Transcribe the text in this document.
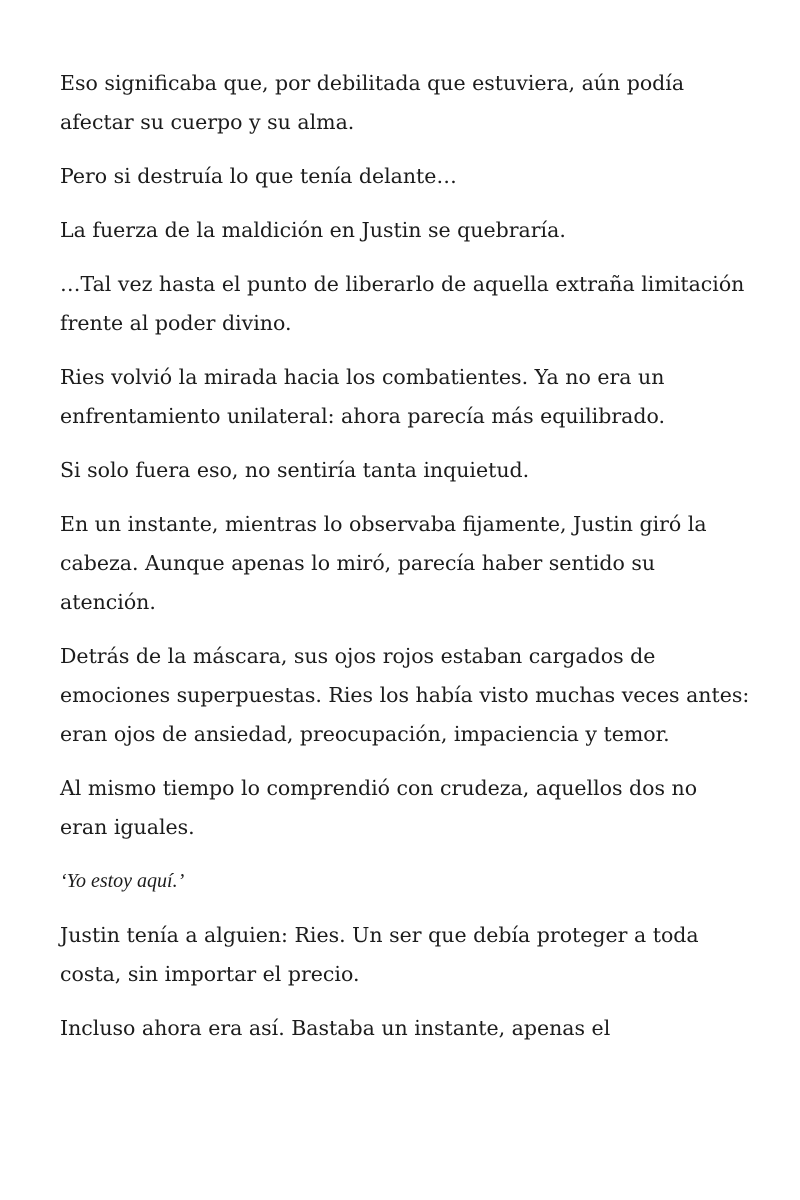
Eso significaba que, por debilitada que estuviera, aún podía afectar su cuerpo y su alma.

Pero si destruía lo que tenía delante…

La fuerza de la maldición en Justin se quebraría.

…Tal vez hasta el punto de liberarlo de aquella extraña limitación frente al poder divino.

Ries volvió la mirada hacia los combatientes. Ya no era un enfrentamiento unilateral: ahora parecía más equilibrado.

Si solo fuera eso, no sentiría tanta inquietud.

En un instante, mientras lo observaba fijamente, Justin giró la cabeza. Aunque apenas lo miró, parecía haber sentido su atención.

Detrás de la máscara, sus ojos rojos estaban cargados de emociones superpuestas. Ries los había visto muchas veces antes: eran ojos de ansiedad, preocupación, impaciencia y temor.

Al mismo tiempo lo comprendió con crudeza, aquellos dos no eran iguales.

‘Yo estoy aquí.’

Justin tenía a alguien: Ries. Un ser que debía proteger a toda costa, sin importar el precio.

Incluso ahora era así. Bastaba un instante, apenas el
